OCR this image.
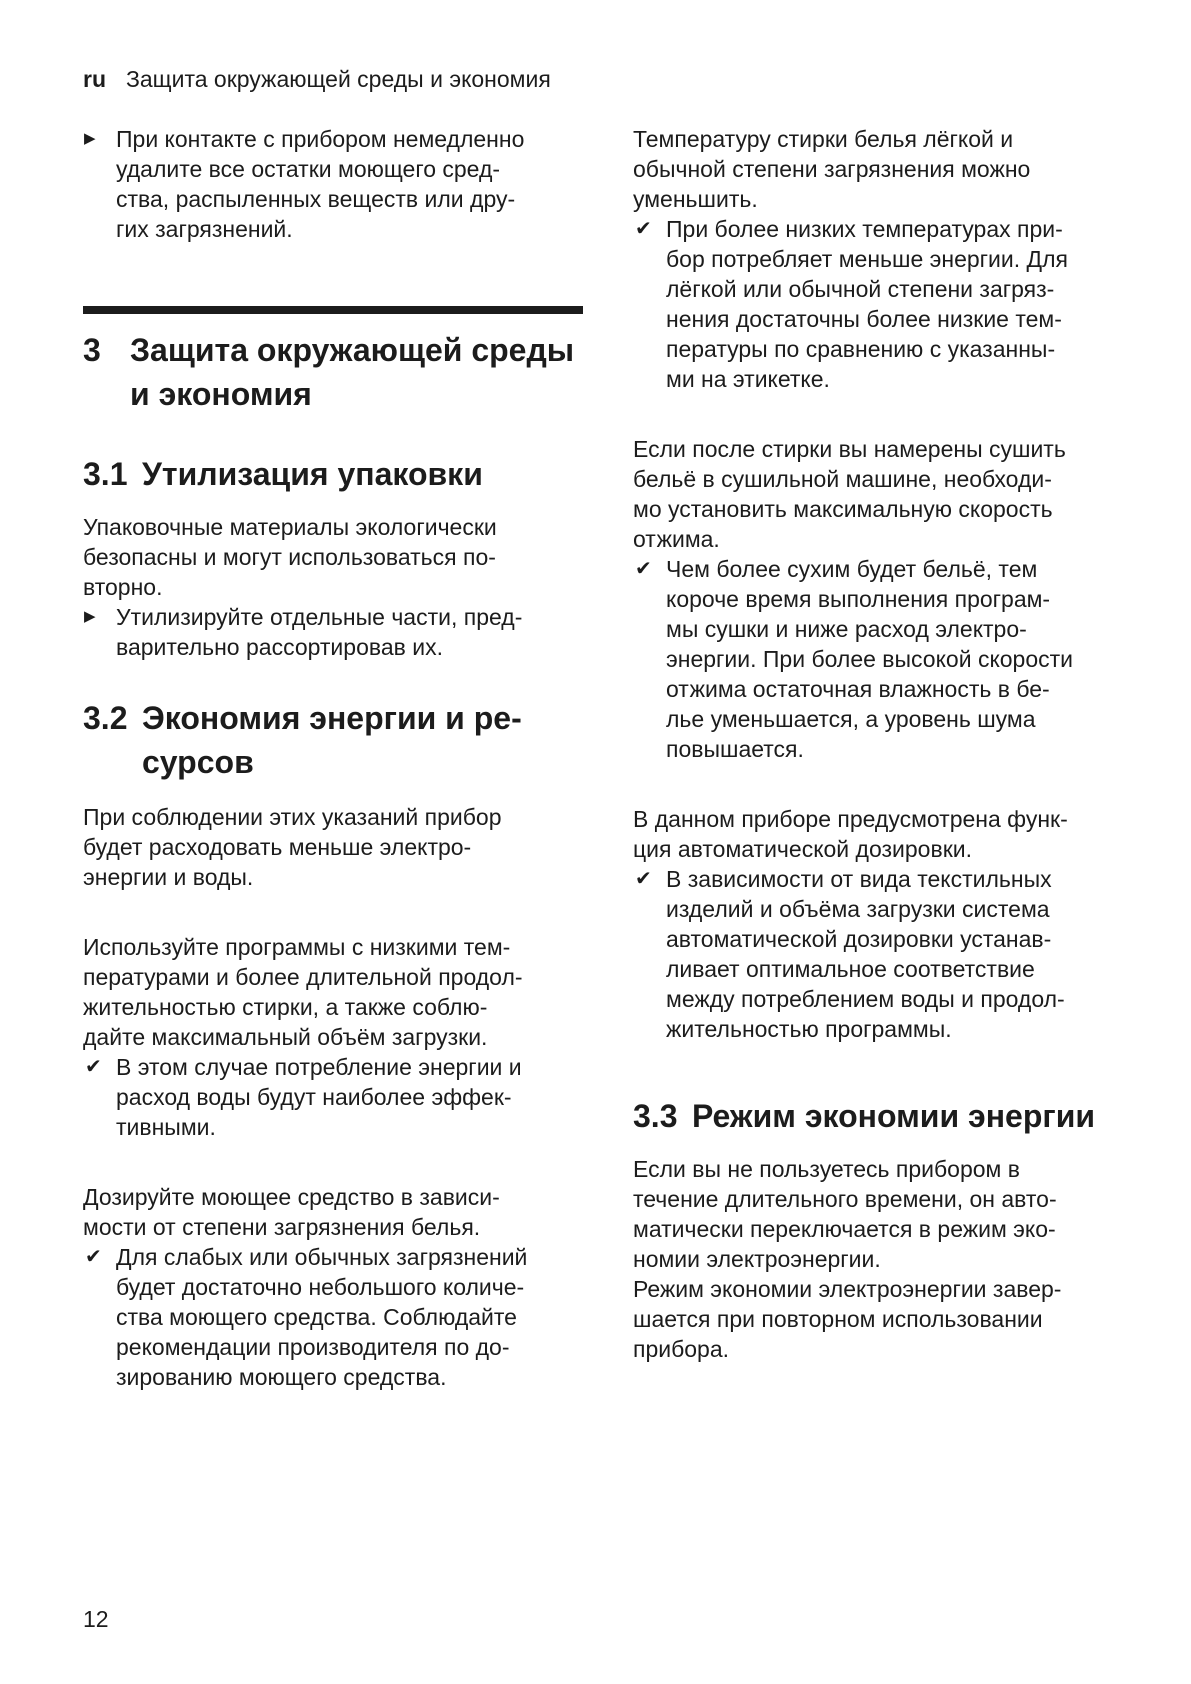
ru Защита окружающей среды и экономия
▶ При контакте с прибором немедленно
удалите все остатки моющего сред-
ства, распыленных веществ или дру-
гих загрязнений.
3 Защита окружающей среды
и экономия
3.1 Утилизация упаковки

Упаковочные материалы экологически
безопасны и могут использоваться по-
вторно.

▶ Утилизируйте отдельные части, пред-
варительно рассортировав их.
3.2 Экономия энергии и ре-
сурсов

При соблюдении этих указаний прибор
будет расходовать меньше электро-
энергии и воды.

Используйте программы с низкими тем-
пературами и более длительной продол-
жительностью стирки, а также соблю-
дайте максимальный объём загрузки.

✔ В этом случае потребление энергии и
расход воды будут наиболее эффек-
тивными.

Дозируйте моющее средство в зависи-
мости от степени загрязнения белья.

✔ Для слабых или обычных загрязнений
будет достаточно небольшого количе-
ства моющего средства. Соблюдайте
рекомендации производителя по до-
зированию моющего средства.

Температуру стирки белья лёгкой и
обычной степени загрязнения можно
уменьшить.

✔ При более низких температурах при-
бор потребляет меньше энергии. Для
лёгкой или обычной степени загряз-
нения достаточны более низкие тем-
пературы по сравнению с указанны-
ми на этикетке.

Если после стирки вы намерены сушить
бельё в сушильной машине, необходи-
мо установить максимальную скорость
отжима.

✔ Чем более сухим будет бельё, тем
короче время выполнения програм-
мы сушки и ниже расход электро-
энергии. При более высокой скорости
отжима остаточная влажность в бе-
лье уменьшается, а уровень шума
повышается.

В данном приборе предусмотрена функ-
ция автоматической дозировки.

✔ В зависимости от вида текстильных
изделий и объёма загрузки система
автоматической дозировки устанав-
ливает оптимальное соответствие
между потреблением воды и продол-
жительностью программы.
3.3 Режим экономии энергии

Если вы не пользуетесь прибором в
течение длительного времени, он авто-
матически переключается в режим эко-
номии электроэнергии.

Режим экономии электроэнергии завер-
шается при повторном использовании
прибора.

12
